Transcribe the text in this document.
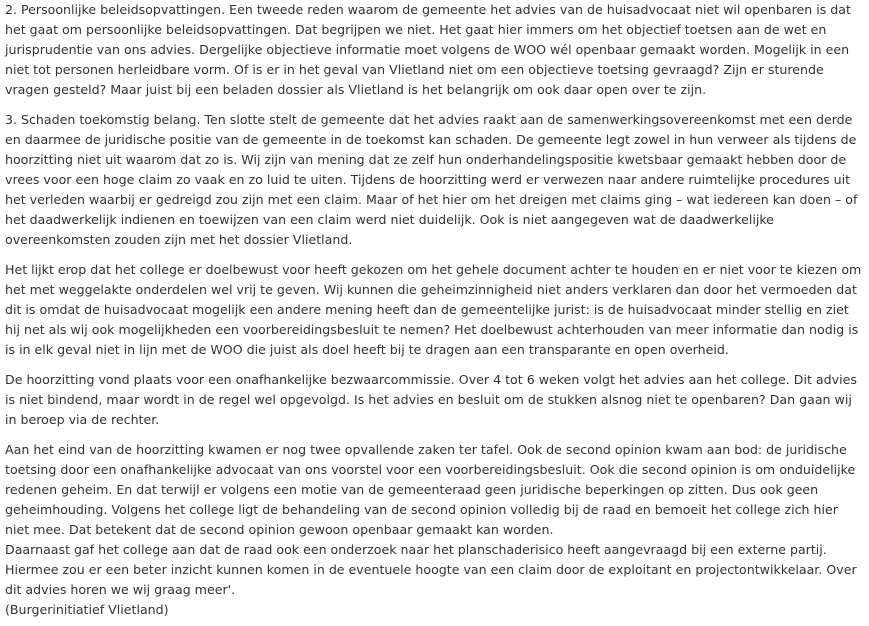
2. Persoonlijke beleidsopvattingen. Een tweede reden waarom de gemeente het advies van de huisadvocaat niet wil openbaren is dat het gaat om persoonlijke beleidsopvattingen. Dat begrijpen we niet. Het gaat hier immers om het objectief toetsen aan de wet en jurisprudentie van ons advies. Dergelijke objectieve informatie moet volgens de WOO wél openbaar gemaakt worden. Mogelijk in een niet tot personen herleidbare vorm. Of is er in het geval van Vlietland niet om een objectieve toetsing gevraagd? Zijn er sturende vragen gesteld? Maar juist bij een beladen dossier als Vlietland is het belangrijk om ook daar open over te zijn.

3. Schaden toekomstig belang. Ten slotte stelt de gemeente dat het advies raakt aan de samenwerkingsovereenkomst met een derde en daarmee de juridische positie van de gemeente in de toekomst kan schaden. De gemeente legt zowel in hun verweer als tijdens de hoorzitting niet uit waarom dat zo is. Wij zijn van mening dat ze zelf hun onderhandelingspositie kwetsbaar gemaakt hebben door de vrees voor een hoge claim zo vaak en zo luid te uiten. Tijdens de hoorzitting werd er verwezen naar andere ruimtelijke procedures uit het verleden waarbij er gedreigd zou zijn met een claim. Maar of het hier om het dreigen met claims ging – wat iedereen kan doen – of het daadwerkelijk indienen en toewijzen van een claim werd niet duidelijk. Ook is niet aangegeven wat de daadwerkelijke overeenkomsten zouden zijn met het dossier Vlietland.

Het lijkt erop dat het college er doelbewust voor heeft gekozen om het gehele document achter te houden en er niet voor te kiezen om het met weggelakte onderdelen wel vrij te geven. Wij kunnen die geheimzinnigheid niet anders verklaren dan door het vermoeden dat dit is omdat de huisadvocaat mogelijk een andere mening heeft dan de gemeentelijke jurist: is de huisadvocaat minder stellig en ziet hij net als wij ook mogelijkheden een voorbereidingsbesluit te nemen? Het doelbewust achterhouden van meer informatie dan nodig is is in elk geval niet in lijn met de WOO die juist als doel heeft bij te dragen aan een transparante en open overheid.

De hoorzitting vond plaats voor een onafhankelijke bezwaarcommissie. Over 4 tot 6 weken volgt het advies aan het college. Dit advies is niet bindend, maar wordt in de regel wel opgevolgd. Is het advies en besluit om de stukken alsnog niet te openbaren? Dan gaan wij in beroep via de rechter.

Aan het eind van de hoorzitting kwamen er nog twee opvallende zaken ter tafel. Ook de second opinion kwam aan bod: de juridische toetsing door een onafhankelijke advocaat van ons voorstel voor een voorbereidingsbesluit. Ook die second opinion is om onduidelijke redenen geheim. En dat terwijl er volgens een motie van de gemeenteraad geen juridische beperkingen op zitten. Dus ook geen geheimhouding. Volgens het college ligt de behandeling van de second opinion volledig bij de raad en bemoeit het college zich hier niet mee. Dat betekent dat de second opinion gewoon openbaar gemaakt kan worden.

Daarnaast gaf het college aan dat de raad ook een onderzoek naar het planschaderisico heeft aangevraagd bij een externe partij. Hiermee zou er een beter inzicht kunnen komen in de eventuele hoogte van een claim door de exploitant en projectontwikkelaar. Over dit advies horen we wij graag meer'.

(Burgerinitiatief Vlietland)
